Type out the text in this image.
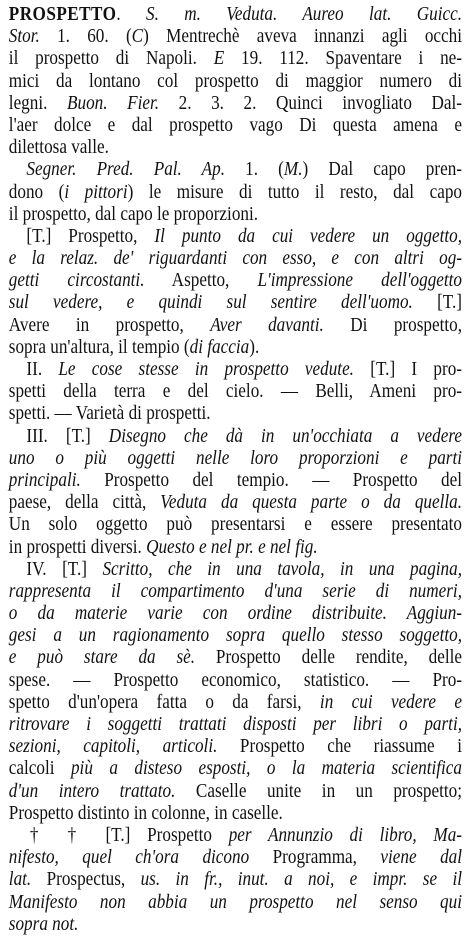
PROSPETTO. S. m. Veduta. Aureo lat. Guicc.
Stor. 1. 60. (C) Mentrechè aveva innanzi agli occhi
il prospetto di Napoli. E 19. 112. Spaventare i ne-
mici da lontano col prospetto di maggior numero di
legni. Buon. Fier. 2. 3. 2. Quinci invogliato Dal-
l'aer dolce e dal prospetto vago Di questa amena e
dilettosa valle.
Segner. Pred. Pal. Ap. 1. (M.) Dal capo pren-
dono (i pittori) le misure di tutto il resto, dal capo
il prospetto, dal capo le proporzioni.
[T.] Prospetto, Il punto da cui vedere un oggetto,
e la relaz. de' riguardanti con esso, e con altri og-
getti circostanti. Aspetto, L'impressione dell'oggetto
sul vedere, e quindi sul sentire dell'uomo. [T.]
Avere in prospetto, Aver davanti. Di prospetto,
sopra un'altura, il tempio (di faccia).
II. Le cose stesse in prospetto vedute. [T.] I pro-
spetti della terra e del cielo. — Belli, Ameni pro-
spetti. — Varietà di prospetti.
III. [T.] Disegno che dà in un'occhiata a vedere
uno o più oggetti nelle loro proporzioni e parti
principali. Prospetto del tempio. — Prospetto del
paese, della città, Veduta da questa parte o da quella.
Un solo oggetto può presentarsi e essere presentato
in prospetti diversi. Questo e nel pr. e nel fig.
IV. [T.] Scritto, che in una tavola, in una pagina,
rappresenta il compartimento d'una serie di numeri,
o da materie varie con ordine distribuite. Aggiun-
gesi a un ragionamento sopra quello stesso soggetto,
e può stare da sè. Prospetto delle rendite, delle
spese. — Prospetto economico, statistico. — Pro-
spetto d'un'opera fatta o da farsi, in cui vedere e
ritrovare i soggetti trattati disposti per libri o parti,
sezioni, capitoli, articoli. Prospetto che riassume i
calcoli più a disteso esposti, o la materia scientifica
d'un intero trattato. Caselle unite in un prospetto;
Prospetto distinto in colonne, in caselle.
† † [T.] Prospetto per Annunzio di libro, Ma-
nifesto, quel ch'ora dicono Programma, viene dal
lat. Prospectus, us. in fr., inut. a noi, e impr. se il
Manifesto non abbia un prospetto nel senso qui
sopra not.
